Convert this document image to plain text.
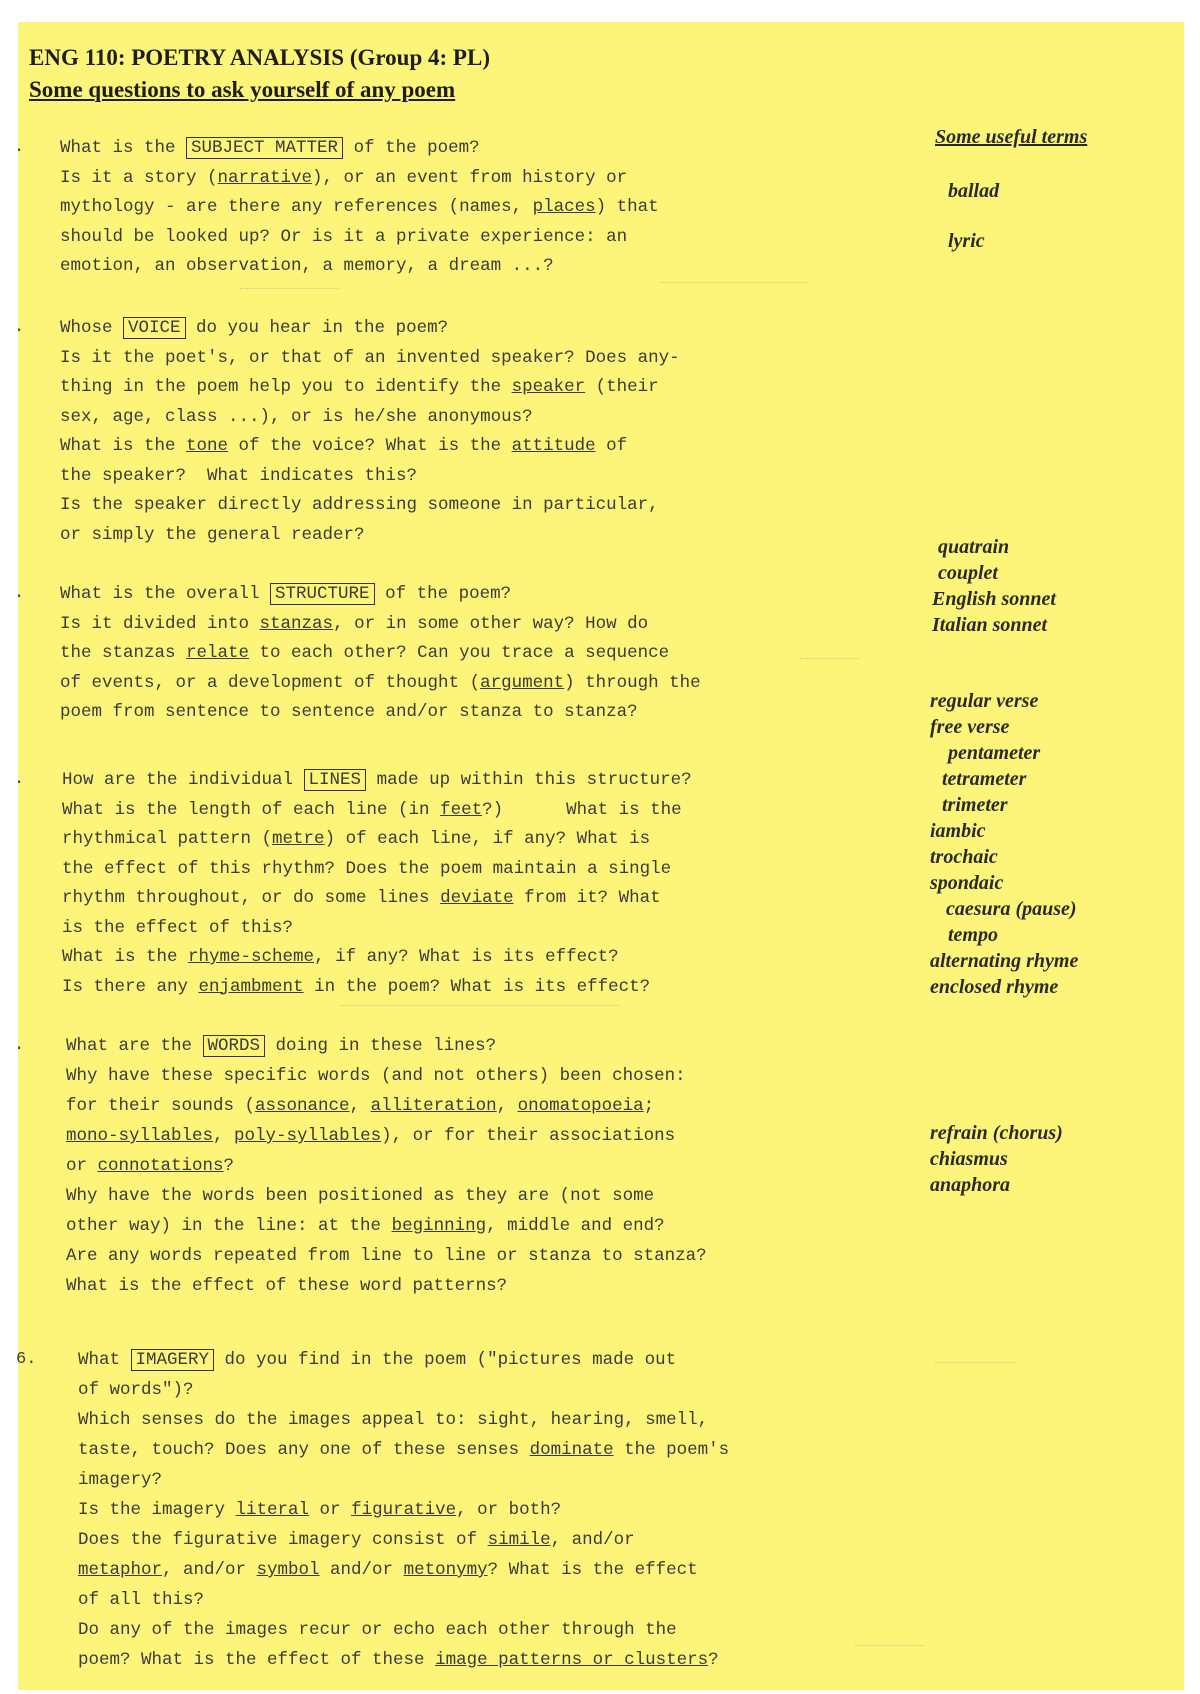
ENG 110: POETRY ANALYSIS (Group 4: PL)
Some questions to ask yourself of any poem
. What is the SUBJECT MATTER of the poem?
Is it a story (narrative), or an event from history or
mythology - are there any references (names, places) that
should be looked up? Or is it a private experience: an
emotion, an observation, a memory, a dream ...?
. Whose VOICE do you hear in the poem?
Is it the poet's, or that of an invented speaker? Does any-
thing in the poem help you to identify the speaker (their
sex, age, class ...), or is he/she anonymous?
What is the tone of the voice? What is the attitude of
the speaker?  What indicates this?
Is the speaker directly addressing someone in particular,
or simply the general reader?
. What is the overall STRUCTURE of the poem?
Is it divided into stanzas, or in some other way? How do
the stanzas relate to each other? Can you trace a sequence
of events, or a development of thought (argument) through the
poem from sentence to sentence and/or stanza to stanza?
. How are the individual LINES made up within this structure?
What is the length of each line (in feet?)      What is the
rhythmical pattern (metre) of each line, if any? What is
the effect of this rhythm? Does the poem maintain a single
rhythm throughout, or do some lines deviate from it? What
is the effect of this?
What is the rhyme-scheme, if any? What is its effect?
Is there any enjambment in the poem? What is its effect?
. What are the WORDS doing in these lines?
Why have these specific words (and not others) been chosen:
for their sounds (assonance, alliteration, onomatopoeia;
mono-syllables, poly-syllables), or for their associations
or connotations?
Why have the words been positioned as they are (not some
other way) in the line: at the beginning, middle and end?
Are any words repeated from line to line or stanza to stanza?
What is the effect of these word patterns?
6. What IMAGERY do you find in the poem ("pictures made out
of words")?
Which senses do the images appeal to: sight, hearing, smell,
taste, touch? Does any one of these senses dominate the poem's
imagery?
Is the imagery literal or figurative, or both?
Does the figurative imagery consist of simile, and/or
metaphor, and/or symbol and/or metonymy? What is the effect
of all this?
Do any of the images recur or echo each other through the
poem? What is the effect of these image patterns or clusters?
Some useful terms
ballad
lyric
quatrain
couplet
English sonnet
Italian sonnet
regular verse
free verse
pentameter
tetrameter
trimeter
iambic
trochaic
spondaic
caesura (pause)
tempo
alternating rhyme
enclosed rhyme
refrain (chorus)
chiasmus
anaphora
